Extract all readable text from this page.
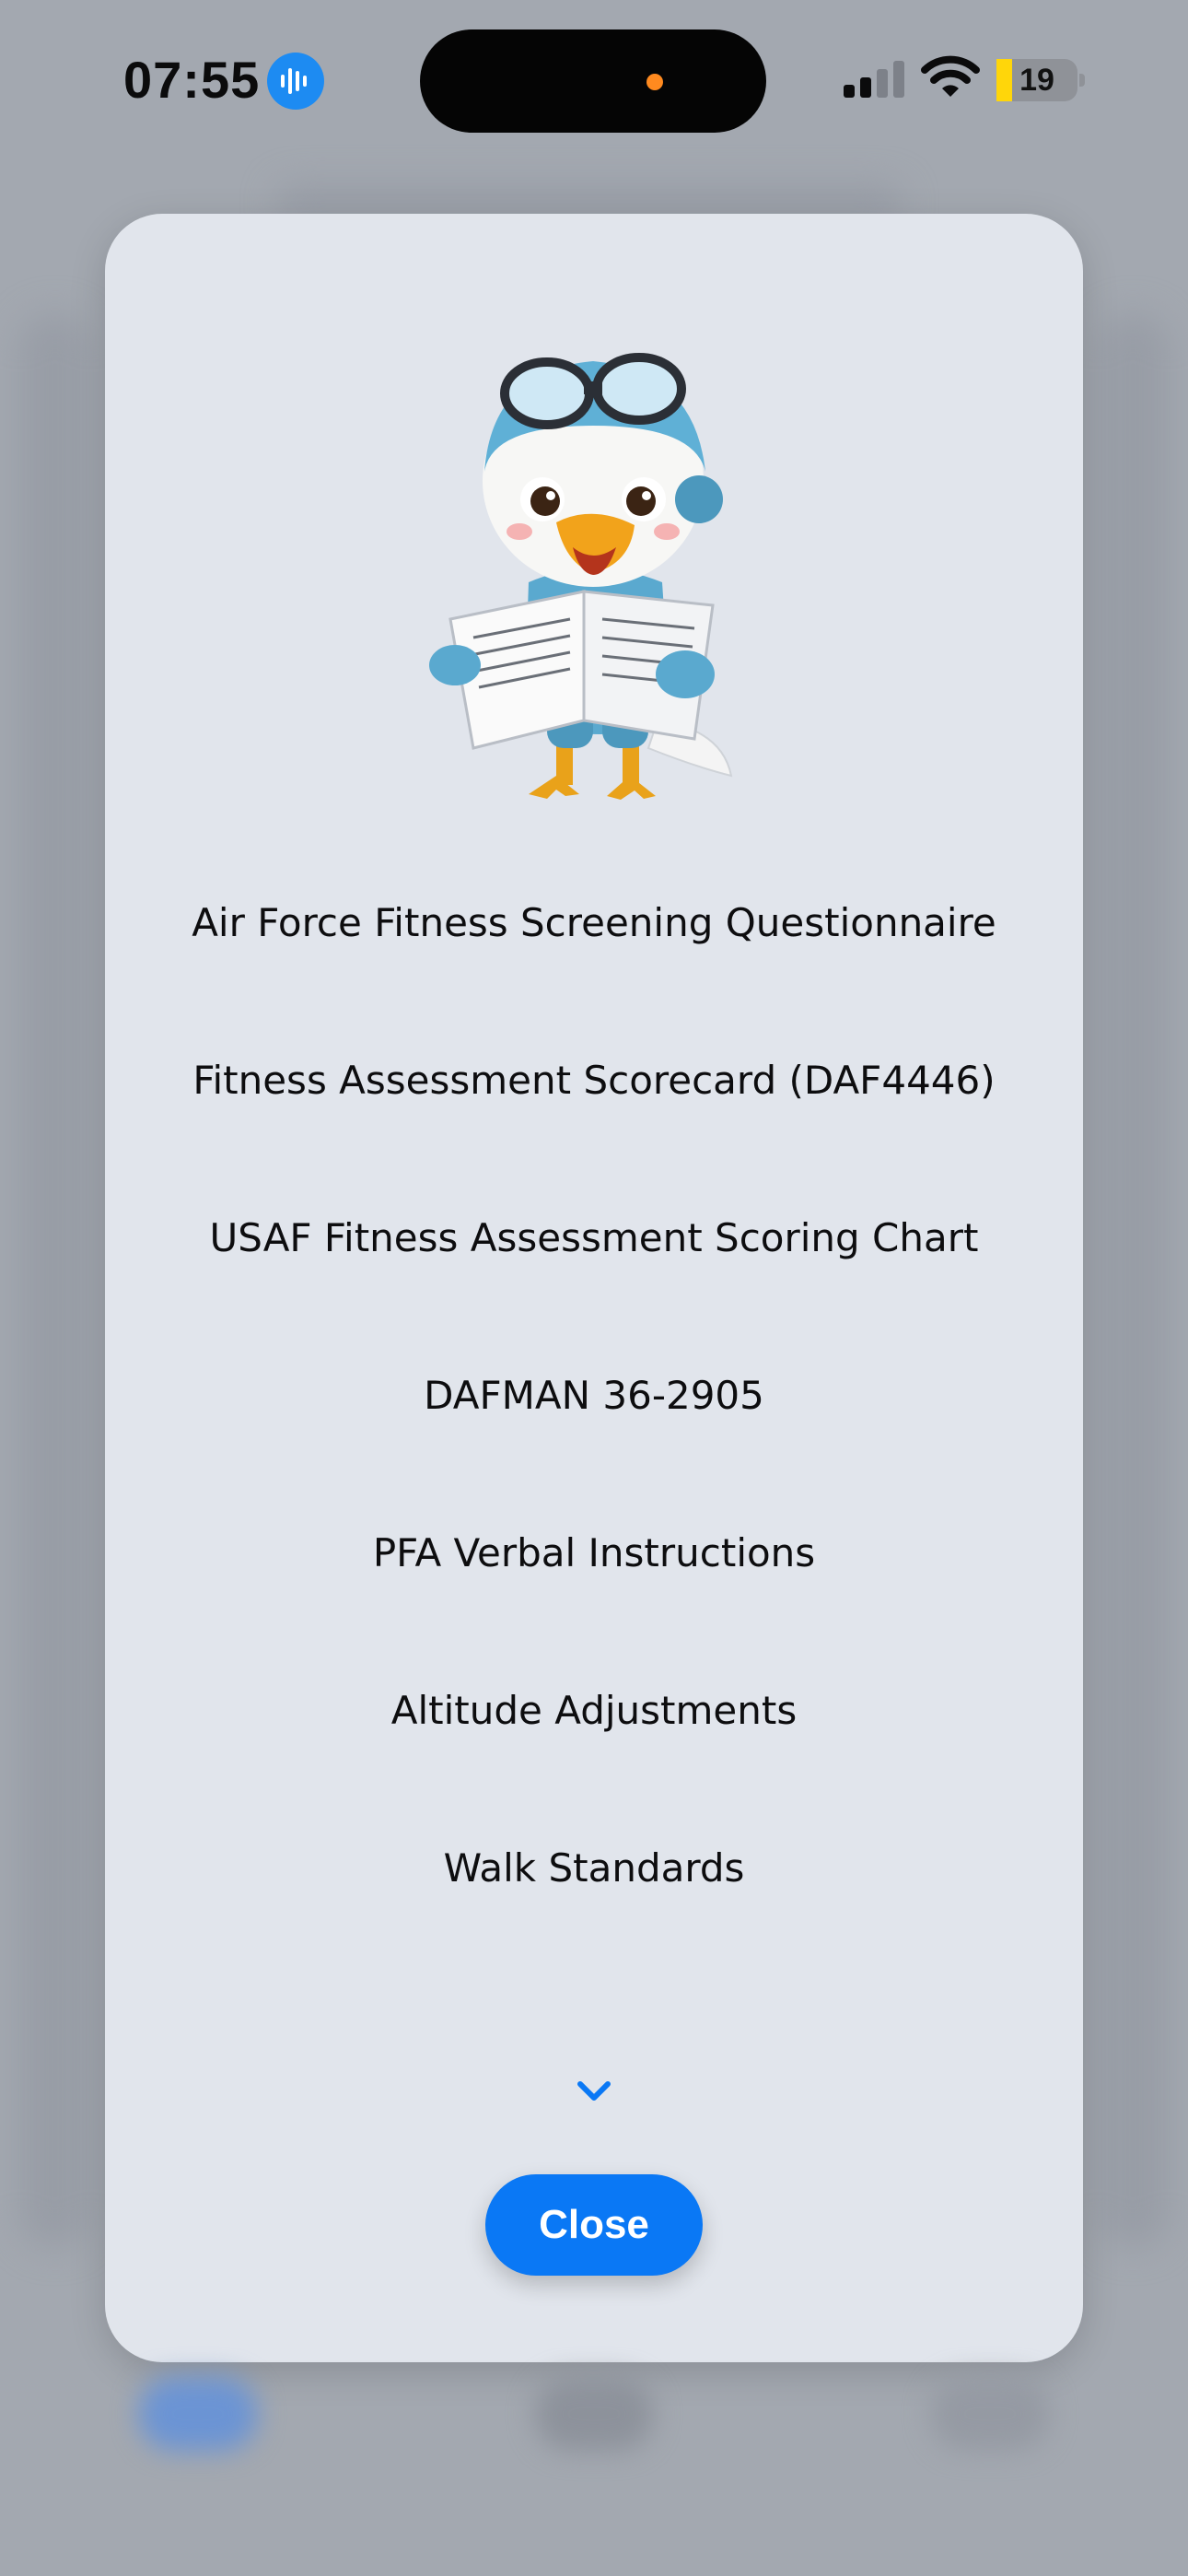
07:55	19
Air Force Fitness Screening Questionnaire
Fitness Assessment Scorecard (DAF4446)
USAF Fitness Assessment Scoring Chart
DAFMAN 36-2905
PFA Verbal Instructions
Altitude Adjustments
Walk Standards
Close
